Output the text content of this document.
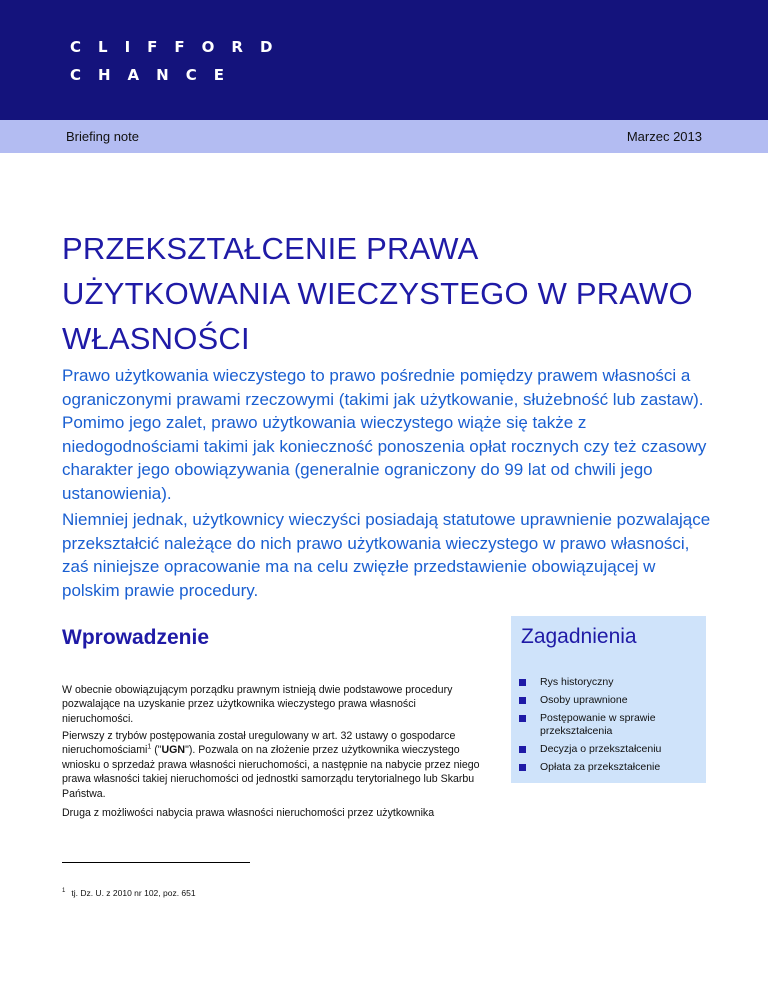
CLIFFORD
CHANCE
Briefing note	Marzec 2013
PRZEKSZTAŁCENIE PRAWA UŻYTKOWANIA WIECZYSTEGO W PRAWO WŁASNOŚCI

Prawo użytkowania wieczystego to prawo pośrednie pomiędzy prawem własności a ograniczonymi prawami rzeczowymi (takimi jak użytkowanie, służebność lub zastaw). Pomimo jego zalet, prawo użytkowania wieczystego wiąże się także z niedogodnościami takimi jak konieczność ponoszenia opłat rocznych czy też czasowy charakter jego obowiązywania (generalnie ograniczony do 99 lat od chwili jego ustanowienia).

Niemniej jednak, użytkownicy wieczyści posiadają statutowe uprawnienie pozwalające przekształcić należące do nich prawo użytkowania wieczystego w prawo własności, zaś niniejsze opracowanie ma na celu zwięzłe przedstawienie obowiązującej w polskim prawie procedury.

Wprowadzenie

W obecnie obowiązującym porządku prawnym istnieją dwie podstawowe procedury pozwalające na uzyskanie przez użytkownika wieczystego prawa własności nieruchomości.

Pierwszy z trybów postępowania został uregulowany w art. 32 ustawy o gospodarce nieruchomościami$^1$ ("UGN"). Pozwala on na złożenie przez użytkownika wieczystego wniosku o sprzedaż prawa własności nieruchomości, a następnie na nabycie przez niego prawa własności takiej nieruchomości od jednostki samorządu terytorialnego lub Skarbu Państwa.

Druga z możliwości nabycia prawa własności nieruchomości przez użytkownika

$^1$ tj. Dz. U. z 2010 nr 102, poz. 651
Zagadnienia
Rys historyczny
Osoby uprawnione
Postępowanie w sprawie przekształcenia
Decyzja o przekształceniu
Opłata za przekształcenie
